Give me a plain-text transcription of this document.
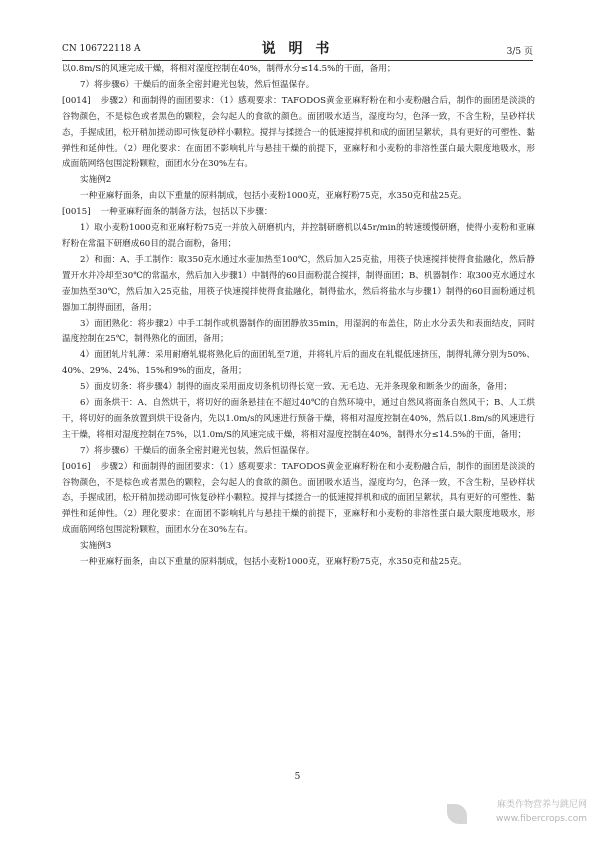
CN 106722118 A	说 明 书	3/5 页

以0.8m/S的风速完成干燥，将相对湿度控制在40%，制得水分≤14.5%的干面，备用；

7）将步骤6）干燥后的面条全密封避光包装，然后恒温保存。

[0014] 步骤2）和面制得的面团要求：（1）感观要求：TAFODOS黄金亚麻籽粉在和小麦粉融合后，制作的面团是淡淡的谷物颜色，不是棕色或者黑色的颗粒，会勾起人的食欲的颜色。面团吸水适当，湿度均匀，色泽一致，不含生粉，呈砂样状态，手握成团，松开稍加搓动即可恢复砂样小颗粒。搅拌与揉搓合一的低速搅拌机和成的面团呈絮状，具有更好的可塑性、黏弹性和延伸性。（2）理化要求：在面团不影响轧片与悬挂干燥的前提下，亚麻籽和小麦粉的非溶性蛋白最大限度地吸水，形成面筋网络包围淀粉颗粒，面团水分在30%左右。

实施例2

一种亚麻籽面条，由以下重量的原料制成，包括小麦粉1000克，亚麻籽粉75克，水350克和盐25克。

[0015] 一种亚麻籽面条的制备方法，包括以下步骤：

1）取小麦粉1000克和亚麻籽粉75克一并放入研磨机内，并控制研磨机以45r/min的转速缓慢研磨，使得小麦粉和亚麻籽粉在常温下研磨成60目的混合面粉，备用；

2）和面：A、手工制作：取350克水通过水壶加热至100℃，然后加入25克盐，用筷子快速搅拌使得食盐融化，然后静置开水并冷却至30℃的常温水，然后加入步骤1）中制得的60目面粉混合搅拌，制得面团；B、机器制作：取300克水通过水壶加热至30℃，然后加入25克盐，用筷子快速搅拌使得食盐融化，制得盐水，然后将盐水与步骤1）制得的60目面粉通过机器加工制得面团，备用；

3）面团熟化：将步骤2）中手工制作或机器制作的面团静放35min，用湿润的布盖住，防止水分丢失和表面结皮，同时温度控制在25℃，制得熟化的面团，备用；

4）面团轧片轧薄：采用耐磨轧辊将熟化后的面团轧至7道，并将轧片后的面皮在轧辊低速挤压，制得轧薄分别为50%、40%、29%、24%、15%和9%的面皮，备用；

5）面皮切条：将步骤4）制得的面皮采用面皮切条机切得长宽一致、无毛边、无并条现象和断条少的面条，备用；

6）面条烘干：A、自然烘干，将切好的面条悬挂在不超过40℃的自然环境中，通过自然风将面条自然风干；B、人工烘干，将切好的面条放置到烘干设备内，先以1.0m/s的风速进行预备干燥，将相对湿度控制在40%，然后以1.8m/s的风速进行主干燥，将相对湿度控制在75%，以1.0m/S的风速完成干燥，将相对湿度控制在40%，制得水分≤14.5%的干面，备用；

7）将步骤6）干燥后的面条全密封避光包装，然后恒温保存。

[0016] 步骤2）和面制得的面团要求：（1）感观要求：TAFODOS黄金亚麻籽粉在和小麦粉融合后，制作的面团是淡淡的谷物颜色，不是棕色或者黑色的颗粒，会勾起人的食欲的颜色。面团吸水适当，湿度均匀，色泽一致，不含生粉，呈砂样状态，手握成团，松开稍加搓动即可恢复砂样小颗粒。搅拌与揉搓合一的低速搅拌机和成的面团呈絮状，具有更好的可塑性、黏弹性和延伸性。（2）理化要求：在面团不影响轧片与悬挂干燥的前提下，亚麻籽和小麦粉的非溶性蛋白最大限度地吸水，形成面筋网络包围淀粉颗粒，面团水分在30%左右。

实施例3

一种亚麻籽面条，由以下重量的原料制成，包括小麦粉1000克，亚麻籽粉75克，水350克和盐25克。

5
麻类作物营养与跳尼网
www.fibercrops.com
